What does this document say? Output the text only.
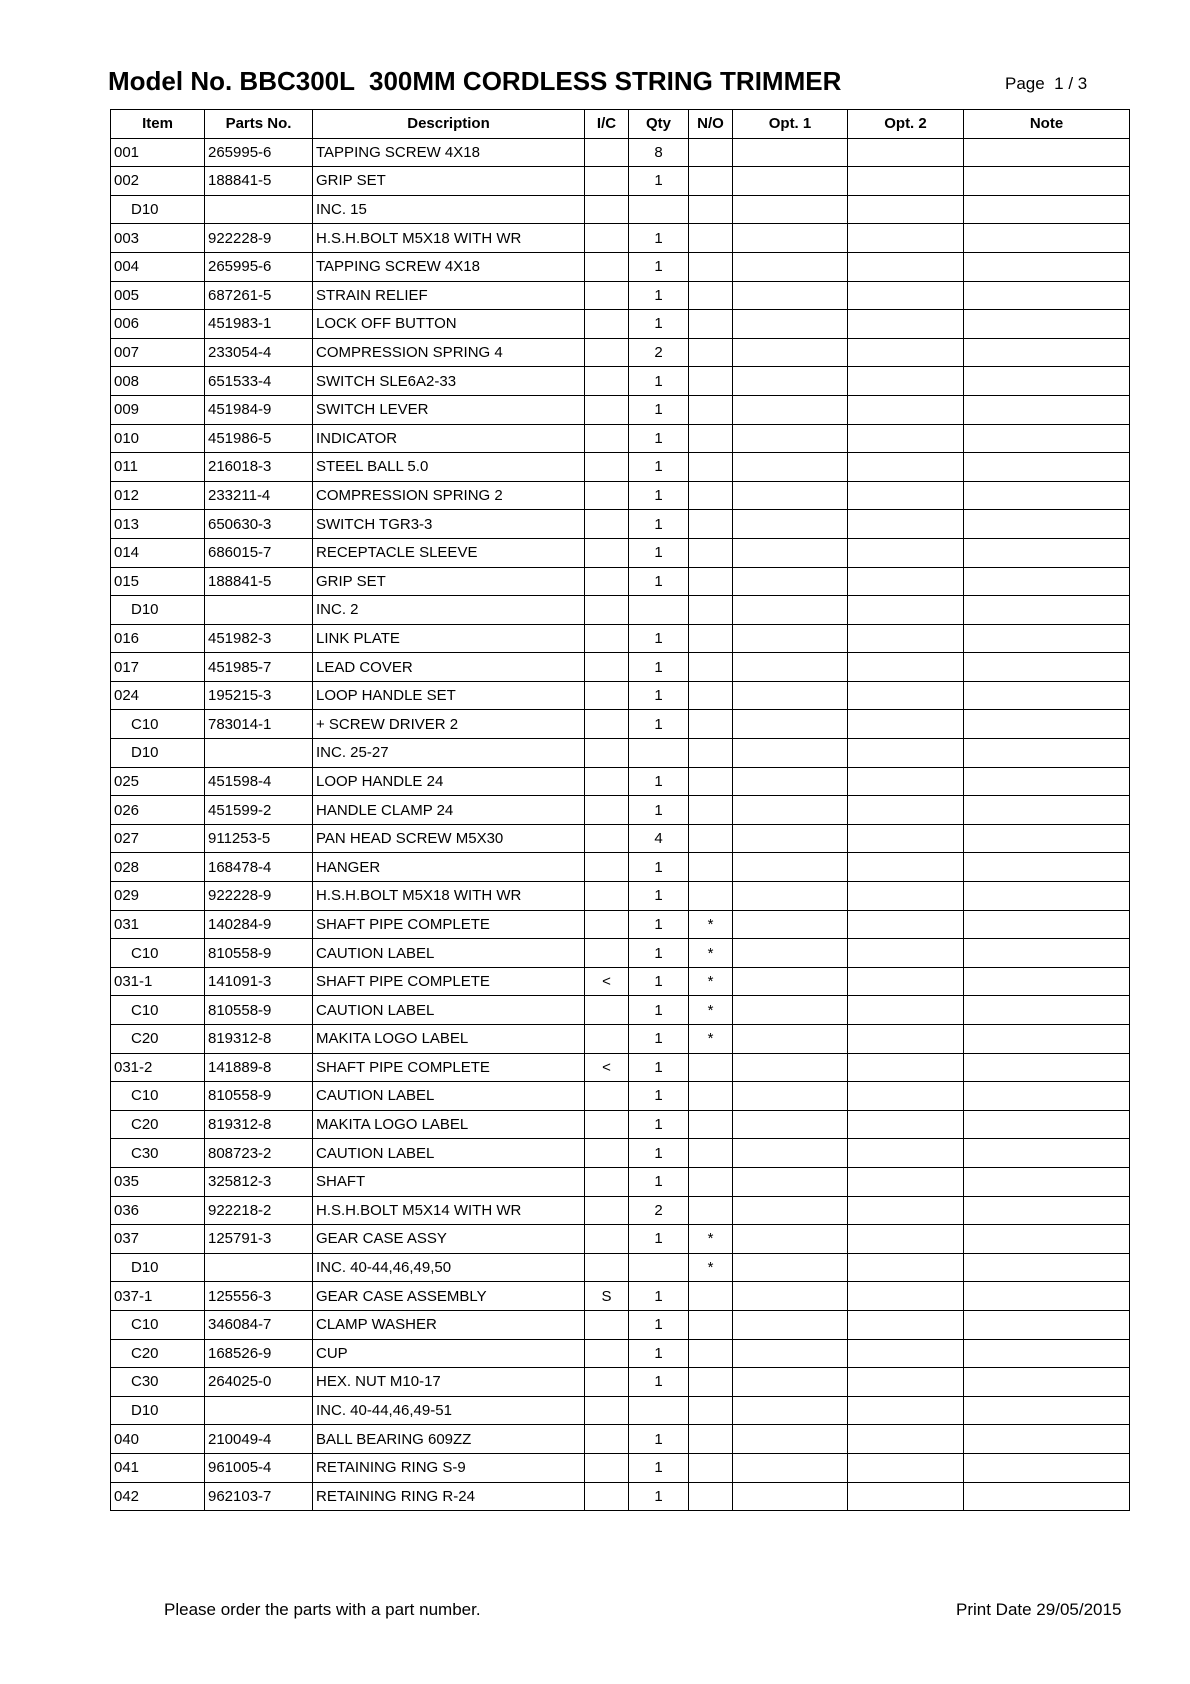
Model No. BBC300L  300MM CORDLESS STRING TRIMMER	Page  1 / 3
Item	Parts No.	Description	I/C	Qty	N/O	Opt. 1	Opt. 2	Note
001	265995-6	TAPPING SCREW 4X18		8				
002	188841-5	GRIP SET		1				
D10		INC. 15						
003	922228-9	H.S.H.BOLT M5X18 WITH WR		1				
004	265995-6	TAPPING SCREW 4X18		1				
005	687261-5	STRAIN RELIEF		1				
006	451983-1	LOCK OFF BUTTON		1				
007	233054-4	COMPRESSION SPRING 4		2				
008	651533-4	SWITCH SLE6A2-33		1				
009	451984-9	SWITCH LEVER		1				
010	451986-5	INDICATOR		1				
011	216018-3	STEEL BALL 5.0		1				
012	233211-4	COMPRESSION SPRING 2		1				
013	650630-3	SWITCH TGR3-3		1				
014	686015-7	RECEPTACLE SLEEVE		1				
015	188841-5	GRIP SET		1				
D10		INC. 2						
016	451982-3	LINK PLATE		1				
017	451985-7	LEAD COVER		1				
024	195215-3	LOOP HANDLE SET		1				
C10	783014-1	+ SCREW DRIVER 2		1				
D10		INC. 25-27						
025	451598-4	LOOP HANDLE 24		1				
026	451599-2	HANDLE CLAMP 24		1				
027	911253-5	PAN HEAD SCREW M5X30		4				
028	168478-4	HANGER		1				
029	922228-9	H.S.H.BOLT M5X18 WITH WR		1				
031	140284-9	SHAFT PIPE COMPLETE		1	*			
C10	810558-9	CAUTION LABEL		1	*			
031-1	141091-3	SHAFT PIPE COMPLETE	<	1	*			
C10	810558-9	CAUTION LABEL		1	*			
C20	819312-8	MAKITA LOGO LABEL		1	*			
031-2	141889-8	SHAFT PIPE COMPLETE	<	1				
C10	810558-9	CAUTION LABEL		1				
C20	819312-8	MAKITA LOGO LABEL		1				
C30	808723-2	CAUTION LABEL		1				
035	325812-3	SHAFT		1				
036	922218-2	H.S.H.BOLT M5X14 WITH WR		2				
037	125791-3	GEAR CASE ASSY		1	*			
D10		INC. 40-44,46,49,50			*			
037-1	125556-3	GEAR CASE ASSEMBLY	S	1				
C10	346084-7	CLAMP WASHER		1				
C20	168526-9	CUP		1				
C30	264025-0	HEX. NUT M10-17		1				
D10		INC. 40-44,46,49-51						
040	210049-4	BALL BEARING 609ZZ		1				
041	961005-4	RETAINING RING S-9		1				
042	962103-7	RETAINING RING R-24		1				
Please order the parts with a part number.	Print Date 29/05/2015
